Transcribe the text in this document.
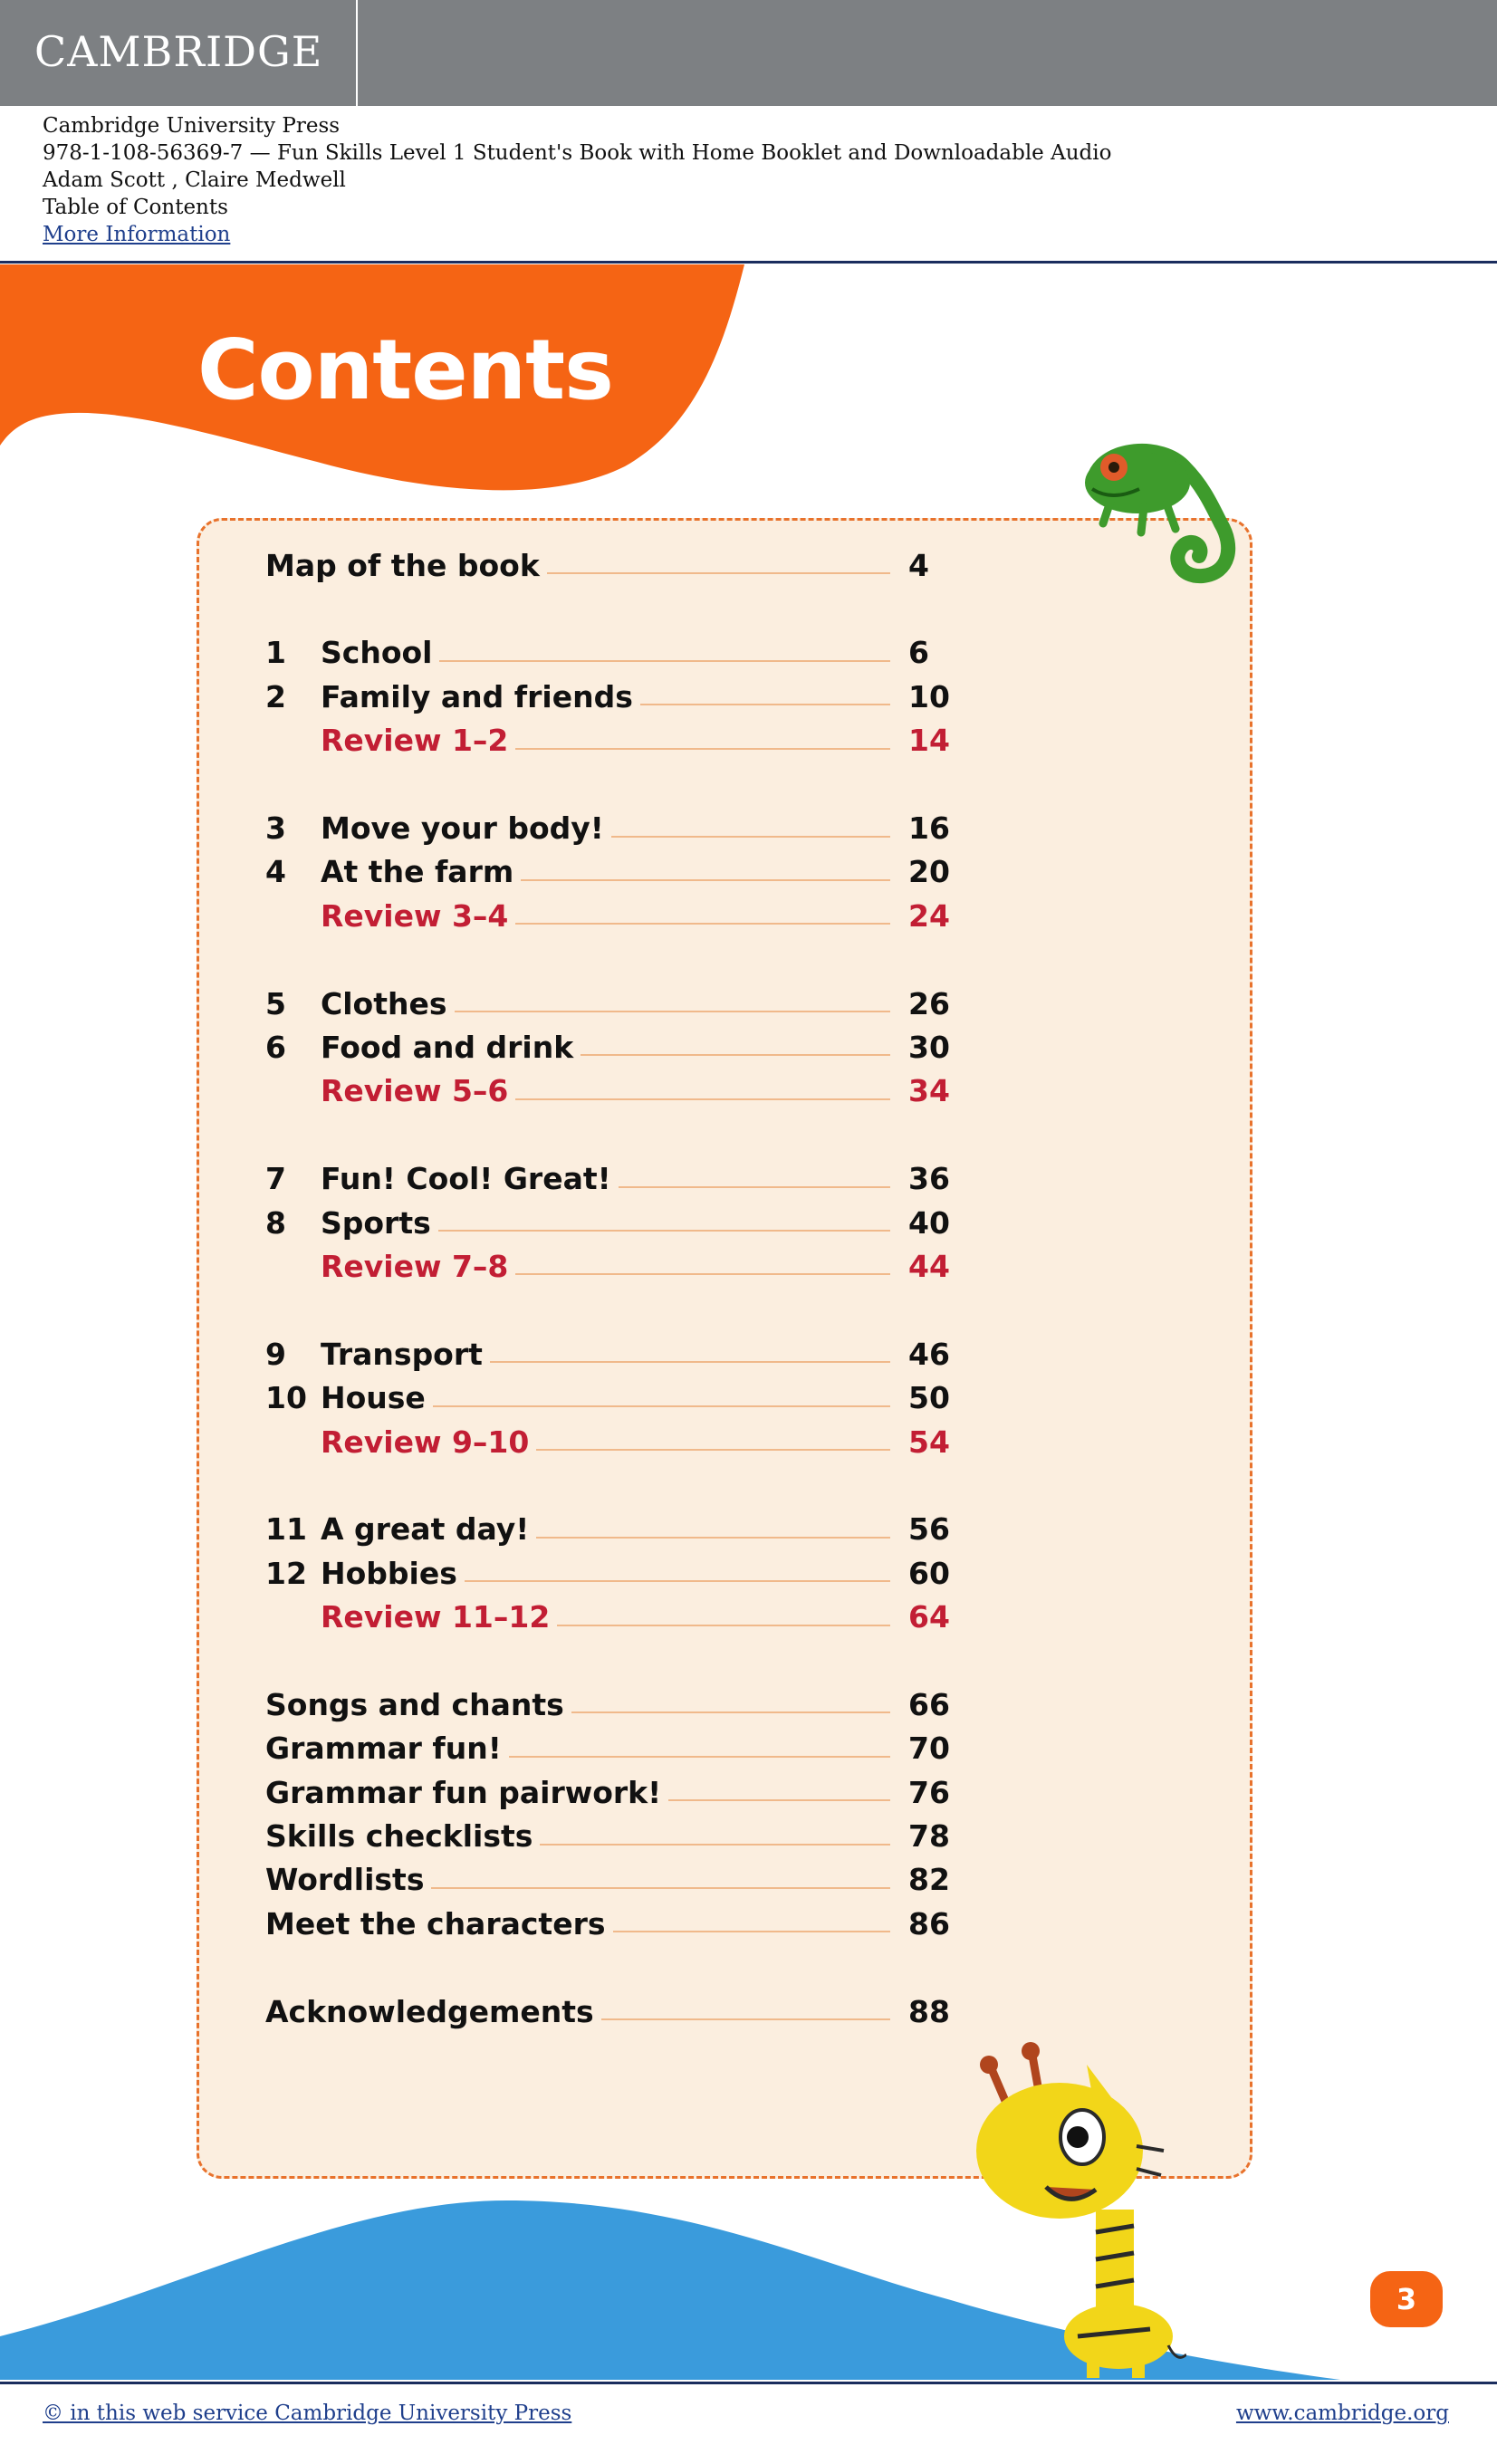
CAMBRIDGE
Cambridge University Press
978-1-108-56369-7 — Fun Skills Level 1 Student's Book with Home Booklet and Downloadable Audio
Adam Scott , Claire Medwell
Table of Contents
More Information
Contents
Map of the book	4
1	School	6
2	Family and friends	10
Review 1–2	14
3	Move your body!	16
4	At the farm	20
Review 3–4	24
5	Clothes	26
6	Food and drink	30
Review 5–6	34
7	Fun! Cool! Great!	36
8	Sports	40
Review 7–8	44
9	Transport	46
10 House	50
Review 9–10	54
11 A great day!	56
12 Hobbies	60
Review 11–12	64
Songs and chants	66
Grammar fun!	70
Grammar fun pairwork!	76
Skills checklists	78
Wordlists	82
Meet the characters	86
Acknowledgements	88
3
© in this web service Cambridge University Press	www.cambridge.org
